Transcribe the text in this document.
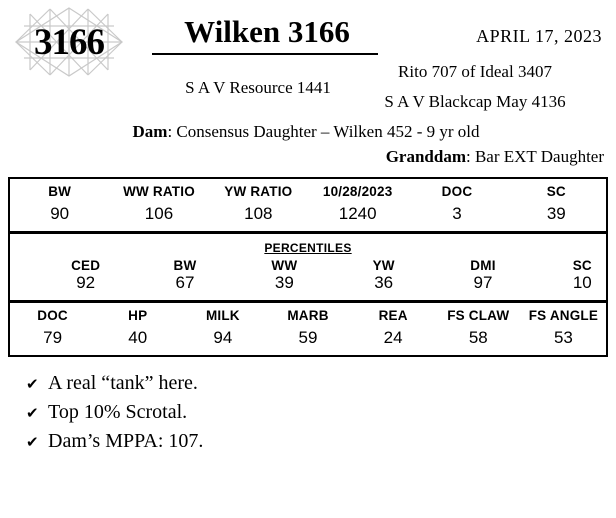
3166	Wilken 3166	APRIL 17, 2023
S A V Resource 1441
Rito 707 of Ideal 3407
S A V Blackcap May 4136
Dam: Consensus Daughter – Wilken 452 - 9 yr old
Granddam: Bar EXT Daughter
BW	WW RATIO	YW RATIO	10/28/2023	DOC	SC
90	106	108	1240	3	39
PERCENTILES
CED	BW	WW	YW	DMI	SC
92	67	39	36	97	10
DOC	HP	MILK	MARB	REA	FS CLAW	FS ANGLE
79	40	94	59	24	58	53
✔ A real “tank” here.
✔ Top 10% Scrotal.
✔ Dam’s MPPA: 107.
